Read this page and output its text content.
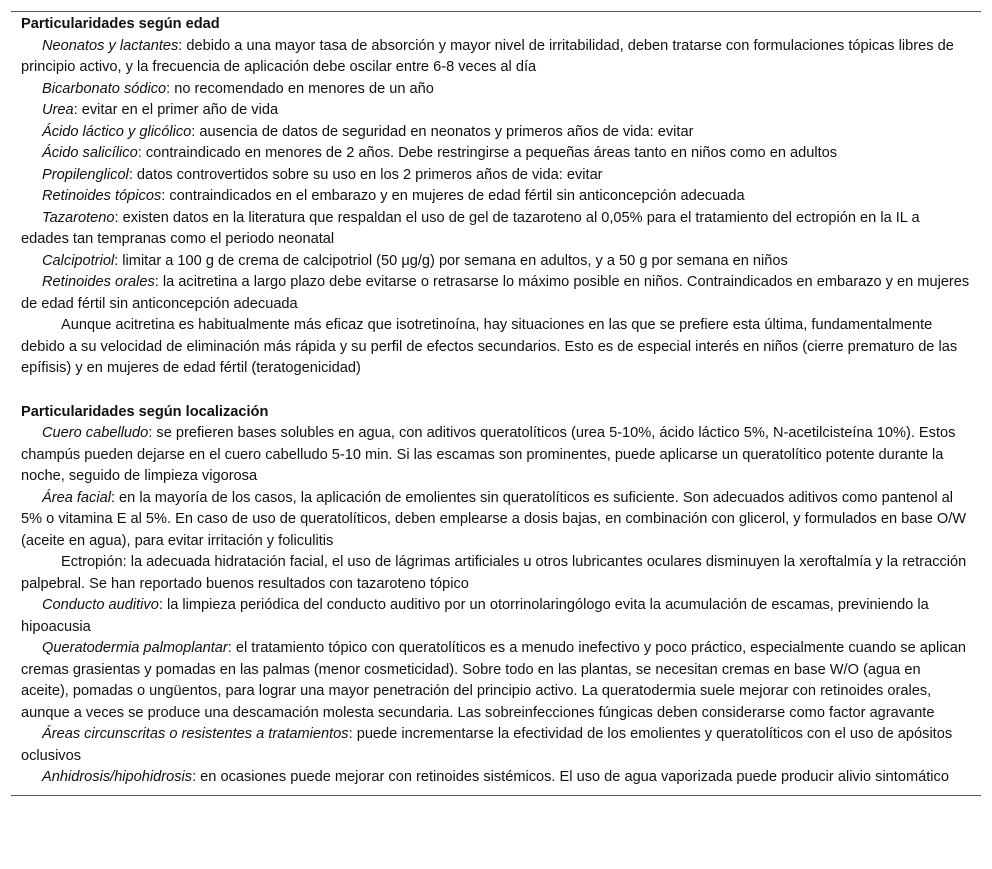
Particularidades según edad

Neonatos y lactantes: debido a una mayor tasa de absorción y mayor nivel de irritabilidad, deben tratarse con formulaciones tópicas libres de principio activo, y la frecuencia de aplicación debe oscilar entre 6-8 veces al día

Bicarbonato sódico: no recomendado en menores de un año

Urea: evitar en el primer año de vida

Ácido láctico y glicólico: ausencia de datos de seguridad en neonatos y primeros años de vida: evitar

Ácido salicílico: contraindicado en menores de 2 años. Debe restringirse a pequeñas áreas tanto en niños como en adultos

Propilenglicol: datos controvertidos sobre su uso en los 2 primeros años de vida: evitar

Retinoides tópicos: contraindicados en el embarazo y en mujeres de edad fértil sin anticoncepción adecuada

Tazaroteno: existen datos en la literatura que respaldan el uso de gel de tazaroteno al 0,05% para el tratamiento del ectropión en la IL a edades tan tempranas como el periodo neonatal

Calcipotriol: limitar a 100 g de crema de calcipotriol (50 μg/g) por semana en adultos, y a 50 g por semana en niños

Retinoides orales: la acitretina a largo plazo debe evitarse o retrasarse lo máximo posible en niños. Contraindicados en embarazo y en mujeres de edad fértil sin anticoncepción adecuada

Aunque acitretina es habitualmente más eficaz que isotretinoína, hay situaciones en las que se prefiere esta última, fundamentalmente debido a su velocidad de eliminación más rápida y su perfil de efectos secundarios. Esto es de especial interés en niños (cierre prematuro de las epífisis) y en mujeres de edad fértil (teratogenicidad)

Particularidades según localización

Cuero cabelludo: se prefieren bases solubles en agua, con aditivos queratolíticos (urea 5-10%, ácido láctico 5%, N-acetilcisteína 10%). Estos champús pueden dejarse en el cuero cabelludo 5-10 min. Si las escamas son prominentes, puede aplicarse un queratolítico potente durante la noche, seguido de limpieza vigorosa

Área facial: en la mayoría de los casos, la aplicación de emolientes sin queratolíticos es suficiente. Son adecuados aditivos como pantenol al 5% o vitamina E al 5%. En caso de uso de queratolíticos, deben emplearse a dosis bajas, en combinación con glicerol, y formulados en base O/W (aceite en agua), para evitar irritación y foliculitis

Ectropión: la adecuada hidratación facial, el uso de lágrimas artificiales u otros lubricantes oculares disminuyen la xeroftalmía y la retracción palpebral. Se han reportado buenos resultados con tazaroteno tópico

Conducto auditivo: la limpieza periódica del conducto auditivo por un otorrinolaringólogo evita la acumulación de escamas, previniendo la hipoacusia

Queratodermia palmoplantar: el tratamiento tópico con queratolíticos es a menudo inefectivo y poco práctico, especialmente cuando se aplican cremas grasientas y pomadas en las palmas (menor cosmeticidad). Sobre todo en las plantas, se necesitan cremas en base W/O (agua en aceite), pomadas o ungüentos, para lograr una mayor penetración del principio activo. La queratodermia suele mejorar con retinoides orales, aunque a veces se produce una descamación molesta secundaria. Las sobreinfecciones fúngicas deben considerarse como factor agravante

Áreas circunscritas o resistentes a tratamientos: puede incrementarse la efectividad de los emolientes y queratolíticos con el uso de apósitos oclusivos

Anhidrosis/hipohidrosis: en ocasiones puede mejorar con retinoides sistémicos. El uso de agua vaporizada puede producir alivio sintomático
